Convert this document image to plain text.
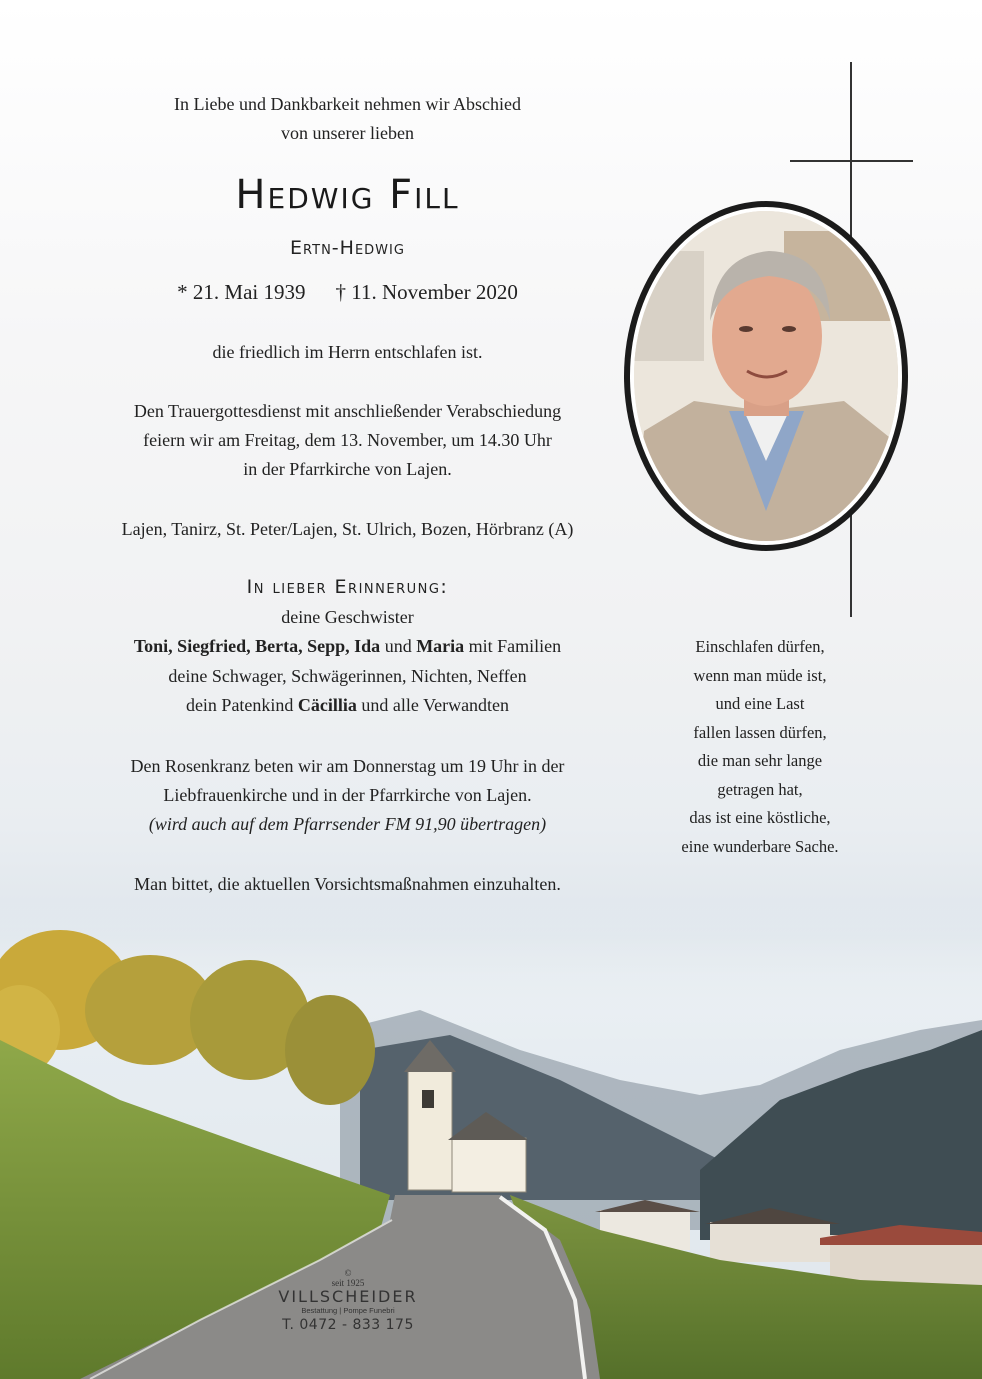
In Liebe und Dankbarkeit nehmen wir Abschied

von unserer lieben

Hedwig Fill
Ertn-Hedwig
* 21. Mai 1939 † 11. November 2020

die friedlich im Herrn entschlafen ist.

Den Trauergottesdienst mit anschließender Verabschiedung

feiern wir am Freitag, dem 13. November, um 14.30 Uhr

in der Pfarrkirche von Lajen.

Lajen, Tanirz, St. Peter/Lajen, St. Ulrich, Bozen, Hörbranz (A)

In lieber Erinnerung:

deine Geschwister

Toni, Siegfried, Berta, Sepp, Ida und Maria mit Familien

deine Schwager, Schwägerinnen, Nichten, Neffen

dein Patenkind Cäcillia und alle Verwandten

Den Rosenkranz beten wir am Donnerstag um 19 Uhr in der

Liebfrauenkirche und in der Pfarrkirche von Lajen.

(wird auch auf dem Pfarrsender FM 91,90 übertragen)

Man bittet, die aktuellen Vorsichtsmaßnahmen einzuhalten.

Einschlafen dürfen,

wenn man müde ist,

und eine Last

fallen lassen dürfen,

die man sehr lange

getragen hat,

das ist eine köstliche,

eine wunderbare Sache.

©
seit 1925
VILLSCHEIDER
Bestattung | Pompe Funebri
T. 0472 - 833 175
